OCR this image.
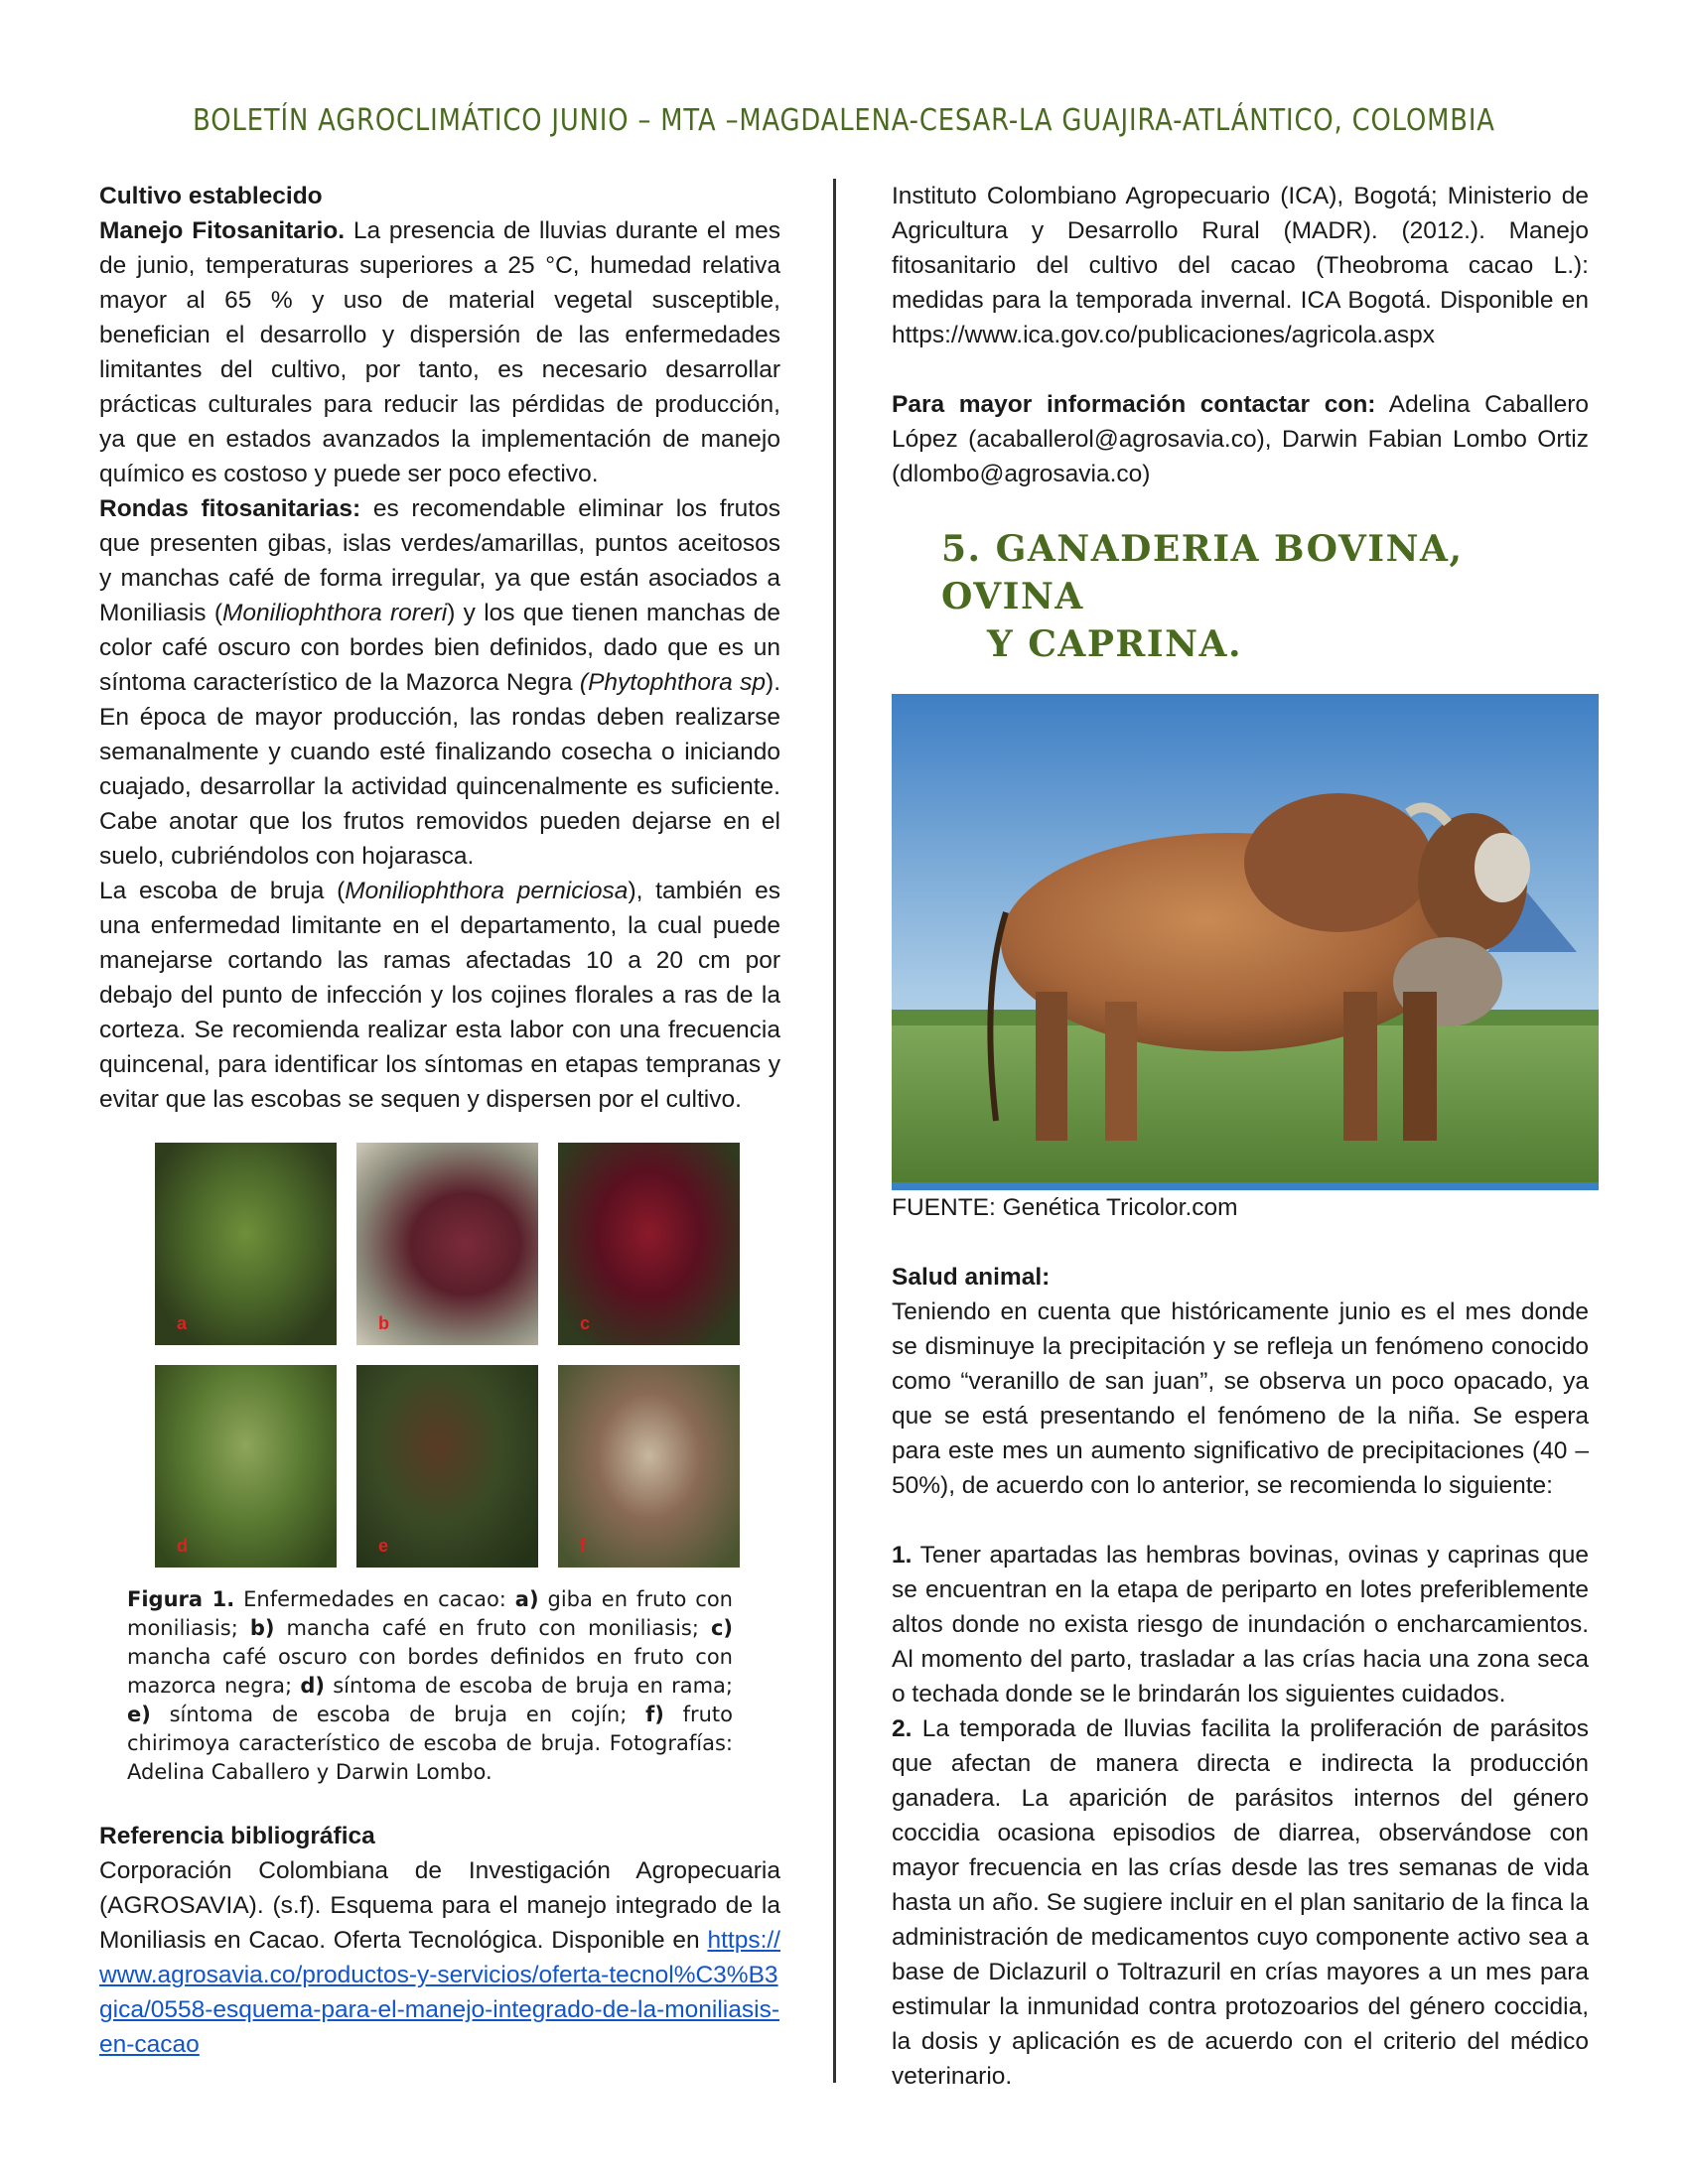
BOLETÍN AGROCLIMÁTICO JUNIO – MTA –MAGDALENA-CESAR-LA GUAJIRA-ATLÁNTICO, COLOMBIA

Cultivo establecido

Manejo Fitosanitario. La presencia de lluvias durante el mes de junio, temperaturas superiores a 25 °C, humedad relativa mayor al 65 % y uso de material vegetal susceptible, benefician el desarrollo y dispersión de las enfermedades limitantes del cultivo, por tanto, es necesario desarrollar prácticas culturales para reducir las pérdidas de producción, ya que en estados avanzados la implementación de manejo químico es costoso y puede ser poco efectivo.

Rondas fitosanitarias: es recomendable eliminar los frutos que presenten gibas, islas verdes/amarillas, puntos aceitosos y manchas café de forma irregular, ya que están asociados a Moniliasis (Moniliophthora roreri) y los que tienen manchas de color café oscuro con bordes bien definidos, dado que es un síntoma característico de la Mazorca Negra (Phytophthora sp). En época de mayor producción, las rondas deben realizarse semanalmente y cuando esté finalizando cosecha o iniciando cuajado, desarrollar la actividad quincenalmente es suficiente. Cabe anotar que los frutos removidos pueden dejarse en el suelo, cubriéndolos con hojarasca.

La escoba de bruja (Moniliophthora perniciosa), también es una enfermedad limitante en el departamento, la cual puede manejarse cortando las ramas afectadas 10 a 20 cm por debajo del punto de infección y los cojines florales a ras de la corteza. Se recomienda realizar esta labor con una frecuencia quincenal, para identificar los síntomas en etapas tempranas y evitar que las escobas se sequen y dispersen por el cultivo.

a	b	c
d	e	f

Figura 1. Enfermedades en cacao: a) giba en fruto con moniliasis; b) mancha café en fruto con moniliasis; c) mancha café oscuro con bordes definidos en fruto con mazorca negra; d) síntoma de escoba de bruja en rama; e) síntoma de escoba de bruja en cojín; f) fruto chirimoya característico de escoba de bruja. Fotografías: Adelina Caballero y Darwin Lombo.

Referencia bibliográfica

Corporación Colombiana de Investigación Agropecuaria (AGROSAVIA). (s.f). Esquema para el manejo integrado de la Moniliasis en Cacao. Oferta Tecnológica. Disponible en https://www.agrosavia.co/productos-y-servicios/oferta-tecnol%C3%B3gica/0558-esquema-para-el-manejo-integrado-de-la-moniliasis-en-cacao

Instituto Colombiano Agropecuario (ICA), Bogotá; Ministerio de Agricultura y Desarrollo Rural (MADR). (2012.). Manejo fitosanitario del cultivo del cacao (Theobroma cacao L.): medidas para la temporada invernal. ICA Bogotá. Disponible en https://www.ica.gov.co/publicaciones/agricola.aspx

Para mayor información contactar con: Adelina Caballero López (acaballerol@agrosavia.co), Darwin Fabian Lombo Ortiz (dlombo@agrosavia.co)

5. GANADERIA BOVINA, OVINA
Y CAPRINA.

FUENTE: Genética Tricolor.com

Salud animal:

Teniendo en cuenta que históricamente junio es el mes donde se disminuye la precipitación y se refleja un fenómeno conocido como “veranillo de san juan”, se observa un poco opacado, ya que se está presentando el fenómeno de la niña. Se espera para este mes un aumento significativo de precipitaciones (40 – 50%), de acuerdo con lo anterior, se recomienda lo siguiente:

1. Tener apartadas las hembras bovinas, ovinas y caprinas que se encuentran en la etapa de periparto en lotes preferiblemente altos donde no exista riesgo de inundación o encharcamientos. Al momento del parto, trasladar a las crías hacia una zona seca o techada donde se le brindarán los siguientes cuidados.

2. La temporada de lluvias facilita la proliferación de parásitos que afectan de manera directa e indirecta la producción ganadera. La aparición de parásitos internos del género coccidia ocasiona episodios de diarrea, observándose con mayor frecuencia en las crías desde las tres semanas de vida hasta un año. Se sugiere incluir en el plan sanitario de la finca la administración de medicamentos cuyo componente activo sea a base de Diclazuril o Toltrazuril en crías mayores a un mes para estimular la inmunidad contra protozoarios del género coccidia, la dosis y aplicación es de acuerdo con el criterio del médico veterinario.
